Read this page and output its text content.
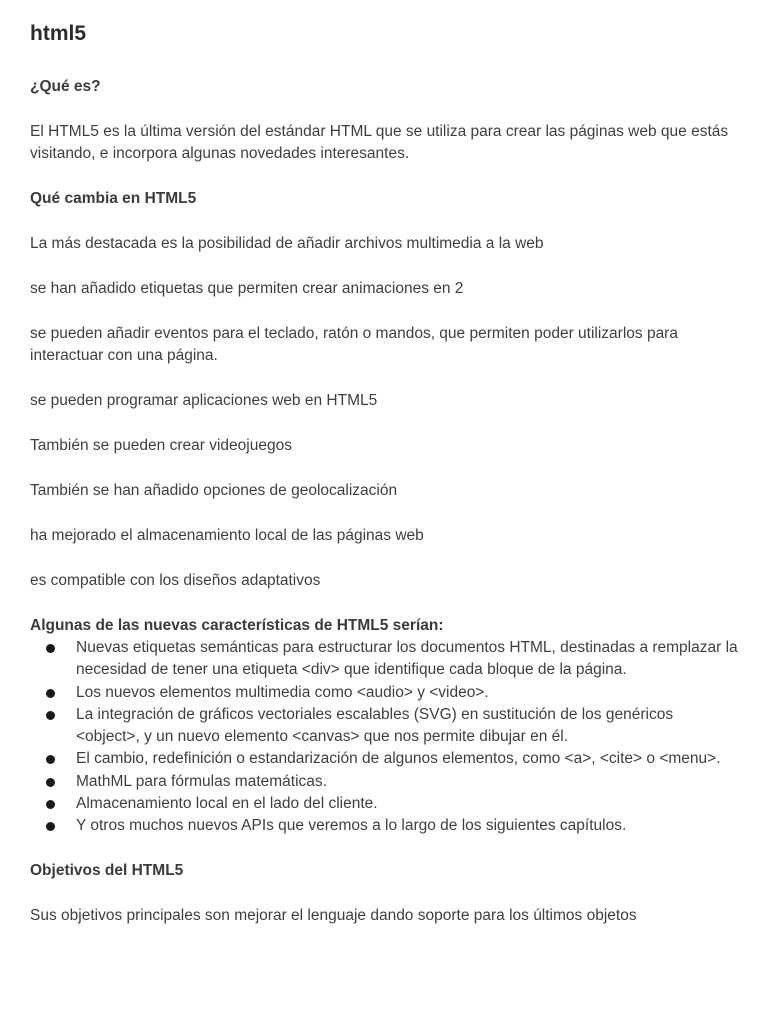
html5

¿Qué es?

El HTML5 es la última versión del estándar HTML que se utiliza para crear las páginas web que estás visitando, e incorpora algunas novedades interesantes.

Qué cambia en HTML5

La más destacada es la posibilidad de añadir archivos multimedia a la web

se han añadido etiquetas que permiten crear animaciones en 2

se pueden añadir eventos para el teclado, ratón o mandos, que permiten poder utilizarlos para interactuar con una página.

se pueden programar aplicaciones web en HTML5

También se pueden crear videojuegos

También se han añadido opciones de geolocalización

ha mejorado el almacenamiento local de las páginas web

es compatible con los diseños adaptativos

Algunas de las nuevas características de HTML5 serían:

Nuevas etiquetas semánticas para estructurar los documentos HTML, destinadas a remplazar la necesidad de tener una etiqueta <div> que identifique cada bloque de la página.
Los nuevos elementos multimedia como <audio> y <video>.
La integración de gráficos vectoriales escalables (SVG) en sustitución de los genéricos <object>, y un nuevo elemento <canvas> que nos permite dibujar en él.
El cambio, redefinición o estandarización de algunos elementos, como <a>, <cite> o <menu>.
MathML para fórmulas matemáticas.
Almacenamiento local en el lado del cliente.
Y otros muchos nuevos APIs que veremos a lo largo de los siguientes capítulos.

Objetivos del HTML5

Sus objetivos principales son mejorar el lenguaje dando soporte para los últimos objetos
